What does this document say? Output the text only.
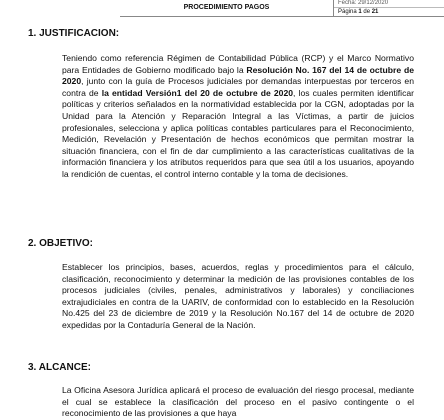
PROCEDIMIENTO PAGOS
Fecha: 29/12/2020
Página 1 de 21
1. JUSTIFICACION:

Teniendo como referencia Régimen de Contabilidad Pública (RCP) y el Marco Normativo para Entidades de Gobierno modificado bajo la Resolución No. 167 del 14 de octubre de 2020, junto con la guía de Procesos judiciales por demandas interpuestas por terceros en contra de la entidad Versión1 del 20 de octubre de 2020, los cuales permiten identificar políticas y criterios señalados en la normatividad establecida por la CGN, adoptadas por la Unidad para la Atención y Reparación Integral a las Víctimas, a partir de juicios profesionales, selecciona y aplica políticas contables particulares para el Reconocimiento, Medición, Revelación y Presentación de hechos económicos que permitan mostrar la situación financiera, con el fin de dar cumplimiento a las características cualitativas de la información financiera y los atributos requeridos para que sea útil a los usuarios, apoyando la rendición de cuentas, el control interno contable y la toma de decisiones.

2. OBJETIVO:

Establecer los principios, bases, acuerdos, reglas y procedimientos para el cálculo, clasificación, reconocimiento y determinar la medición de las provisiones contables de los procesos judiciales (civiles, penales, administrativos y laborales) y conciliaciones extrajudiciales en contra de la UARIV, de conformidad con lo establecido en la Resolución No.425 del 23 de diciembre de 2019 y la Resolución No.167 del 14 de octubre de 2020 expedidas por la Contaduría General de la Nación.

3. ALCANCE:

La Oficina Asesora Jurídica aplicará el proceso de evaluación del riesgo procesal, mediante el cual se establece la clasificación del proceso en el pasivo contingente o el reconocimiento de las provisiones a que haya
